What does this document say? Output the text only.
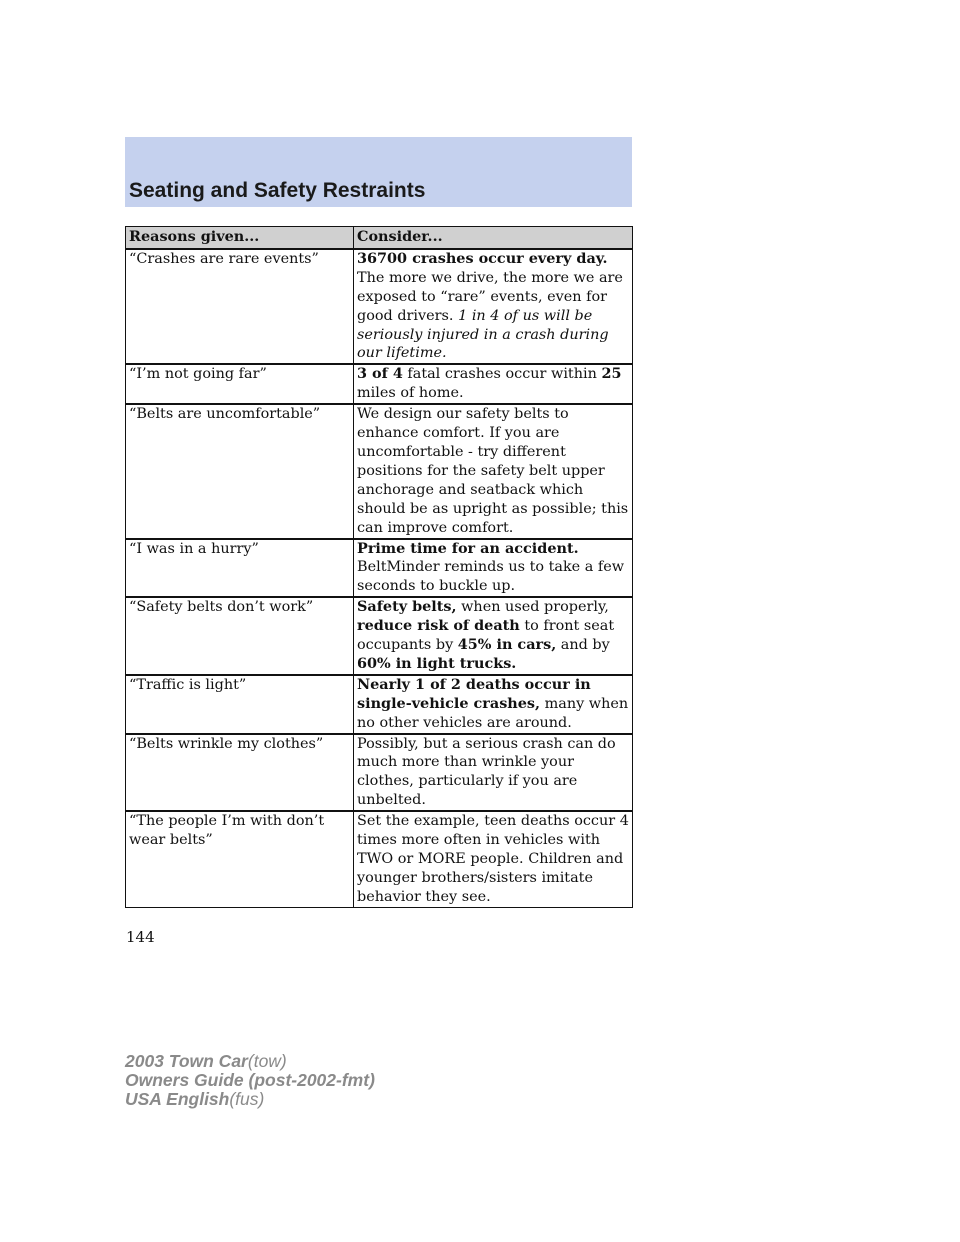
Seating and Safety Restraints
Reasons given...	Consider...
“Crashes are rare events”	36700 crashes occur every day. The more we drive, the more we are exposed to “rare” events, even for good drivers. 1 in 4 of us will be seriously injured in a crash during our lifetime.
“I’m not going far”	3 of 4 fatal crashes occur within 25 miles of home.
“Belts are uncomfortable”	We design our safety belts to enhance comfort. If you are uncomfortable - try different positions for the safety belt upper anchorage and seatback which should be as upright as possible; this can improve comfort.
“I was in a hurry”	Prime time for an accident. BeltMinder reminds us to take a few seconds to buckle up.
“Safety belts don’t work”	Safety belts, when used properly, reduce risk of death to front seat occupants by 45% in cars, and by 60% in light trucks.
“Traffic is light”	Nearly 1 of 2 deaths occur in single-vehicle crashes, many when no other vehicles are around.
“Belts wrinkle my clothes”	Possibly, but a serious crash can do much more than wrinkle your clothes, particularly if you are unbelted.
“The people I’m with don’t wear belts”	Set the example, teen deaths occur 4 times more often in vehicles with TWO or MORE people. Children and younger brothers/sisters imitate behavior they see.
144
2003 Town Car(tow)
Owners Guide (post-2002-fmt)
USA English(fus)
